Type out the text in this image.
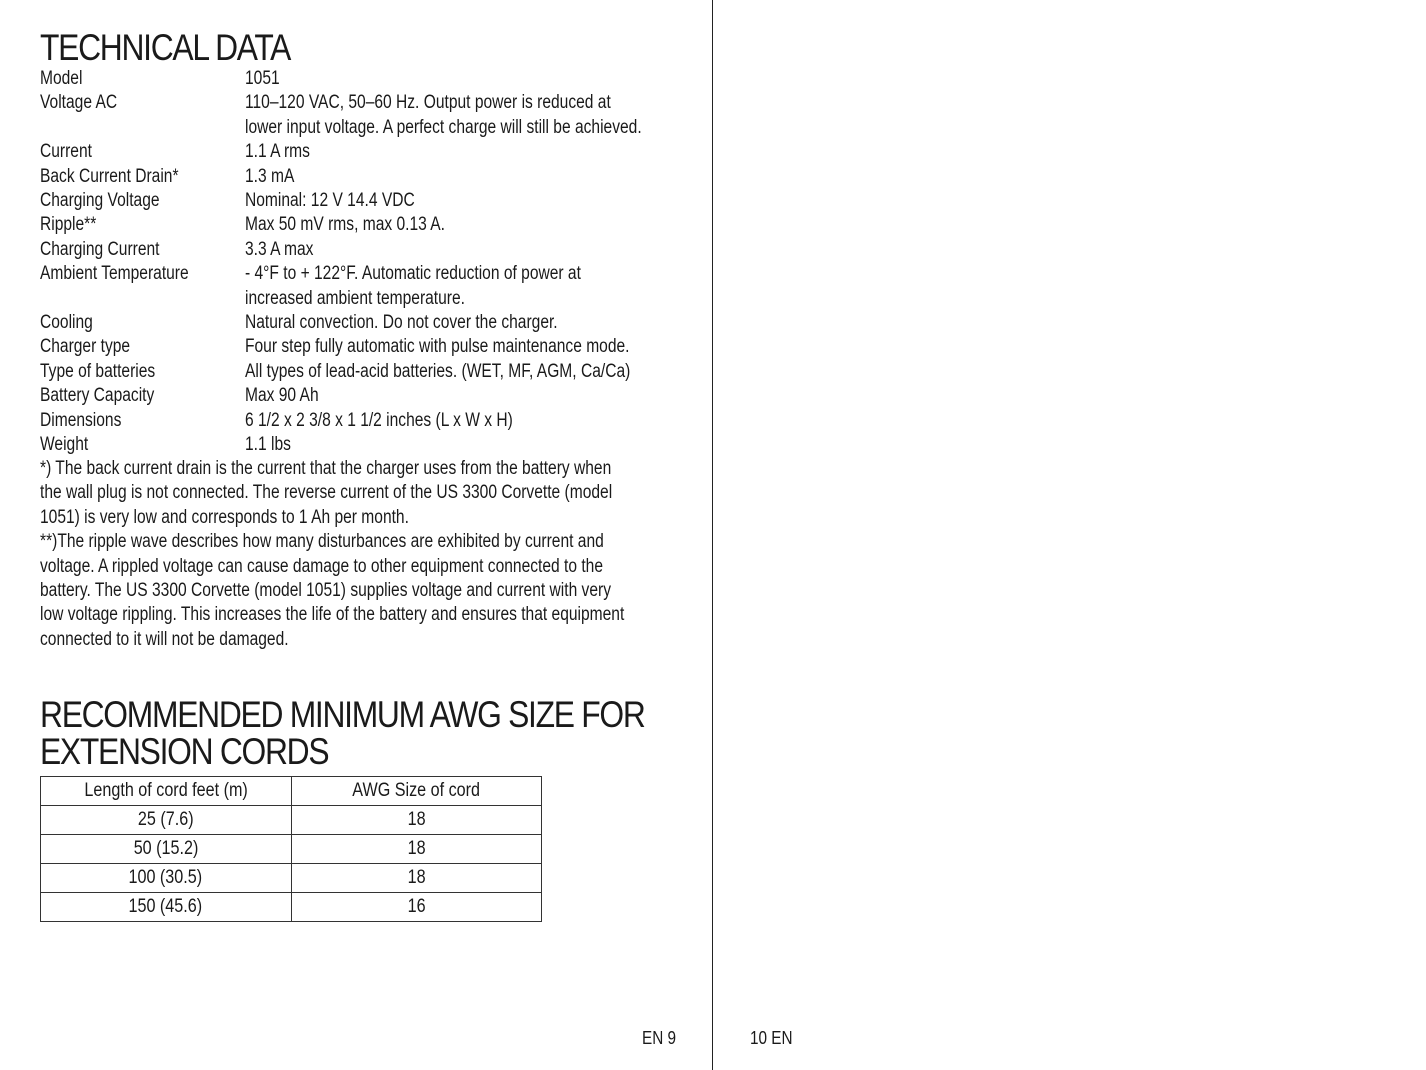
TECHNICAL DATA
Model	1051
Voltage AC	110–120 VAC, 50–60 Hz. Output power is reduced at
lower input voltage. A perfect charge will still be achieved.
Current	1.1 A rms
Back Current Drain*	1.3 mA
Charging Voltage	Nominal: 12 V 14.4 VDC
Ripple**	Max 50 mV rms, max 0.13 A.
Charging Current	3.3 A max
Ambient Temperature	- 4°F to + 122°F. Automatic reduction of power at
increased ambient temperature.
Cooling	Natural convection. Do not cover the charger.
Charger type	Four step fully automatic with pulse maintenance mode.
Type of batteries	All types of lead-acid batteries. (WET, MF, AGM, Ca/Ca)
Battery Capacity	Max 90 Ah
Dimensions	6 1/2 x 2 3/8 x 1 1/2 inches (L x W x H)
Weight	1.1 lbs
*) The back current drain is the current that the charger uses from the battery when
the wall plug is not connected. The reverse current of the US 3300 Corvette (model
1051) is very low and corresponds to 1 Ah per month.
**)The ripple wave describes how many disturbances are exhibited by current and
voltage. A rippled voltage can cause damage to other equipment connected to the
battery. The US 3300 Corvette (model 1051) supplies voltage and current with very
low voltage rippling. This increases the life of the battery and ensures that equipment
connected to it will not be damaged.
RECOMMENDED MINIMUM AWG SIZE FOR
EXTENSION CORDS
Length of cord feet (m)	AWG Size of cord
25 (7.6)	18
50 (15.2)	18
100 (30.5)	18
150 (45.6)	16
EN 9	10 EN
